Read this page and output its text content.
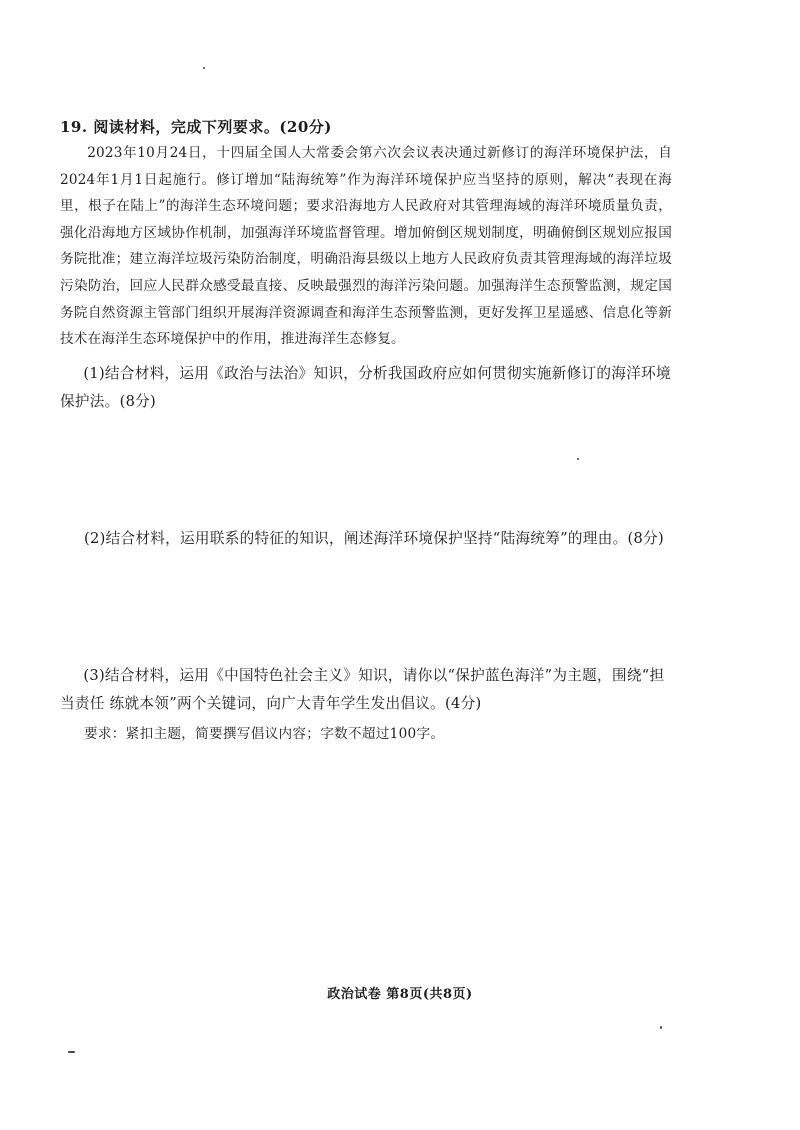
19. 阅读材料，完成下列要求。(20分)

2023年10月24日，十四届全国人大常委会第六次会议表决通过新修订的海洋环境保护法，自2024年1月1日起施行。修订增加“陆海统筹”作为海洋环境保护应当坚持的原则，解决“表现在海里，根子在陆上”的海洋生态环境问题；要求沿海地方人民政府对其管理海域的海洋环境质量负责，强化沿海地方区域协作机制，加强海洋环境监督管理。增加俯倒区规划制度，明确俯倒区规划应报国务院批准；建立海洋垃圾污染防治制度，明确沿海县级以上地方人民政府负责其管理海域的海洋垃圾污染防治，回应人民群众感受最直接、反映最强烈的海洋污染问题。加强海洋生态预警监测，规定国务院自然资源主管部门组织开展海洋资源调查和海洋生态预警监测，更好发挥卫星遥感、信息化等新技术在海洋生态环境保护中的作用，推进海洋生态修复。

(1)结合材料，运用《政治与法治》知识，分析我国政府应如何贯彻实施新修订的海洋环境保护法。(8分)

(2)结合材料，运用联系的特征的知识，阐述海洋环境保护坚持“陆海统筹”的理由。(8分)

(3)结合材料，运用《中国特色社会主义》知识，请你以“保护蓝色海洋”为主题，围绕“担当责任 练就本领”两个关键词，向广大青年学生发出倡议。(4分)

要求：紧扣主题，简要撰写倡议内容；字数不超过100字。
政治试卷 第8页(共8页)
